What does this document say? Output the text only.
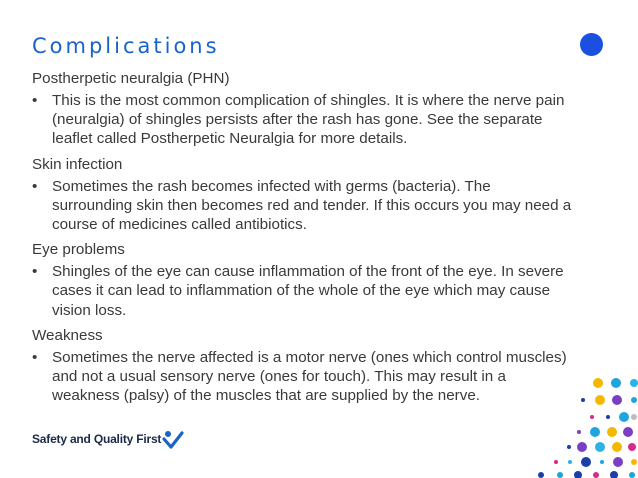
Complications
Postherpetic neuralgia (PHN)
• This is the most common complication of shingles. It is where the nerve pain (neuralgia) of shingles persists after the rash has gone. See the separate leaflet called Postherpetic Neuralgia for more details.
Skin infection
• Sometimes the rash becomes infected with germs (bacteria). The surrounding skin then becomes red and tender. If this occurs you may need a course of medicines called antibiotics.
Eye problems
• Shingles of the eye can cause inflammation of the front of the eye. In severe cases it can lead to inflammation of the whole of the eye which may cause vision loss.
Weakness
• Sometimes the nerve affected is a motor nerve (ones which control muscles) and not a usual sensory nerve (ones for touch). This may result in a weakness (palsy) of the muscles that are supplied by the nerve.
Safety and Quality First
